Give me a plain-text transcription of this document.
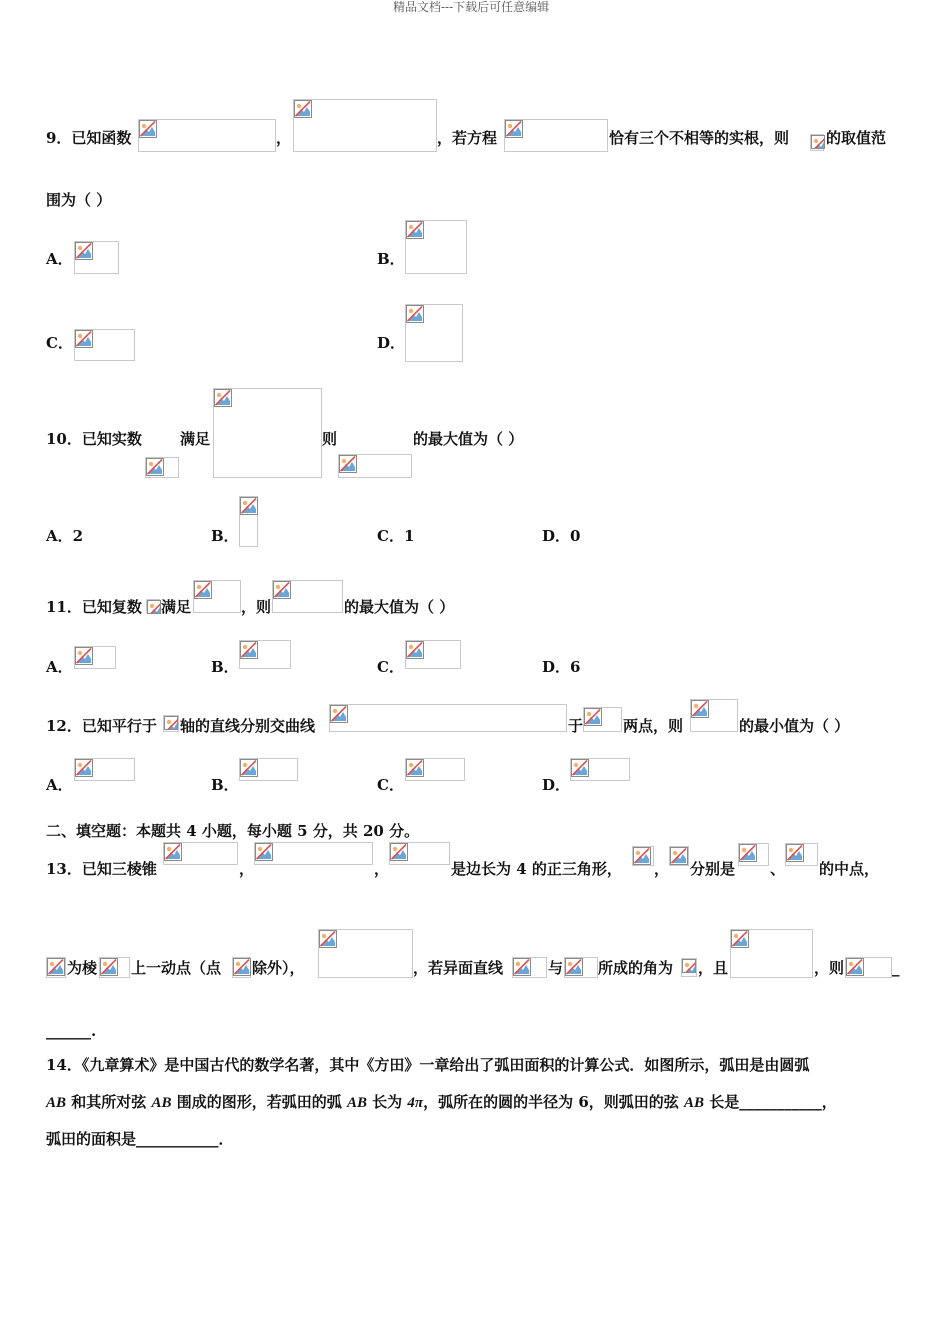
精品文档---下载后可任意编辑
9．已知函数	，	，若方程	恰有三个不相等的实根，则 的取值范
围为（ ）
A．	B．
C．	D．
10．已知实数	满足	则	的最大值为（ ）
A．2	B．	C．1	D．0
11．已知复数 满足	，则	的最大值为（ ）
A．	B．	C．	D．6
12．已知平行于 轴的直线分别交曲线	于	两点，则	的最小值为（ ）
A．	B．	C．	D．
二、填空题：本题共 4 小题，每小题 5 分，共 20 分。
13．已知三棱锥	，	，	是边长为 4 的正三角形， ， 分别是 、 的中点，
为棱 上一动点（点 除外），	，若异面直线	与 所成的角为 ，且	，则	_
______.
14．《九章算术》是中国古代的数学名著，其中《方田》一章给出了弧田面积的计算公式．如图所示，弧田是由圆弧
AB 和其所对弦 AB 围成的图形，若弧田的弧 AB 长为 4π，弧所在的圆的半径为 6，则弧田的弦 AB 长是___________，
弧田的面积是___________．
